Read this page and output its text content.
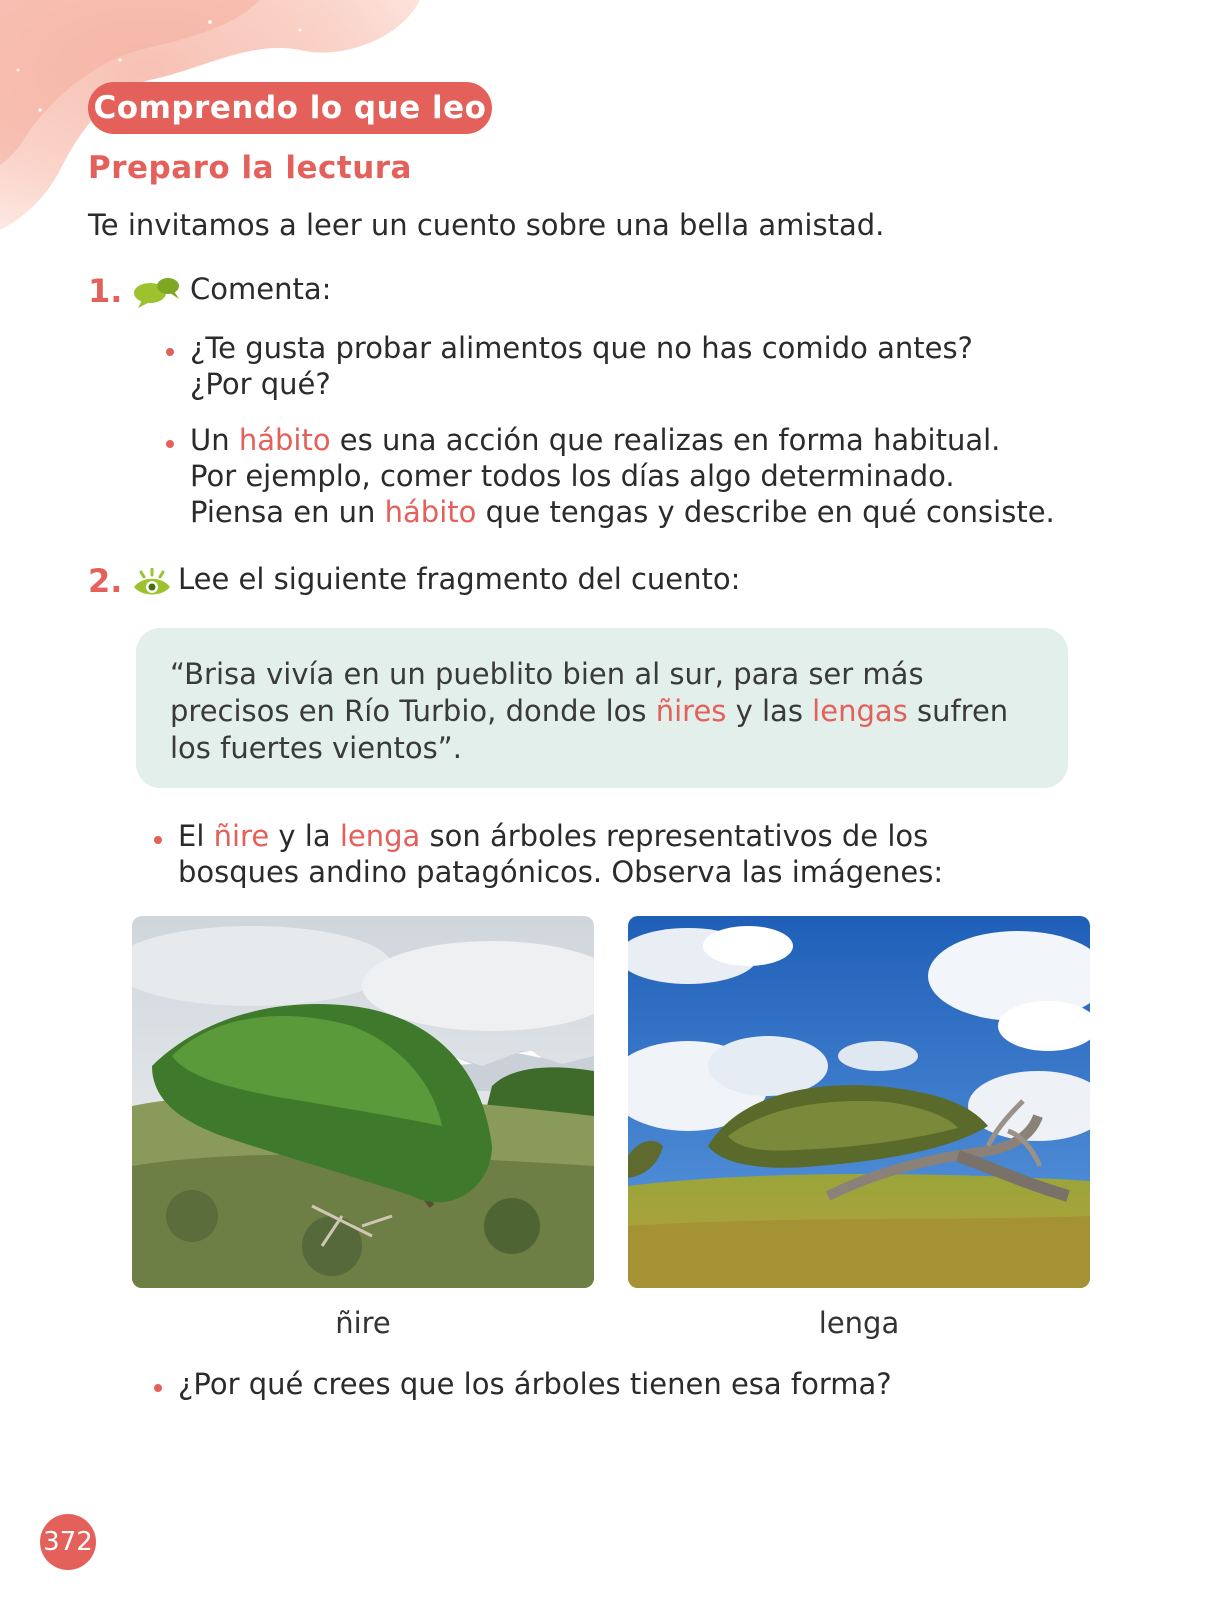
Comprendo lo que leo
Preparo la lectura
Te invitamos a leer un cuento sobre una bella amistad.
1. Comenta:
¿Te gusta probar alimentos que no has comido antes?
¿Por qué?
Un hábito es una acción que realizas en forma habitual.
Por ejemplo, comer todos los días algo determinado.
Piensa en un hábito que tengas y describe en qué consiste.
2. Lee el siguiente fragmento del cuento:
“Brisa vivía en un pueblito bien al sur, para ser más
precisos en Río Turbio, donde los ñires y las lengas sufren
los fuertes vientos”.
El ñire y la lenga son árboles representativos de los
bosques andino patagónicos. Observa las imágenes:
ñire	lenga
¿Por qué crees que los árboles tienen esa forma?
372
